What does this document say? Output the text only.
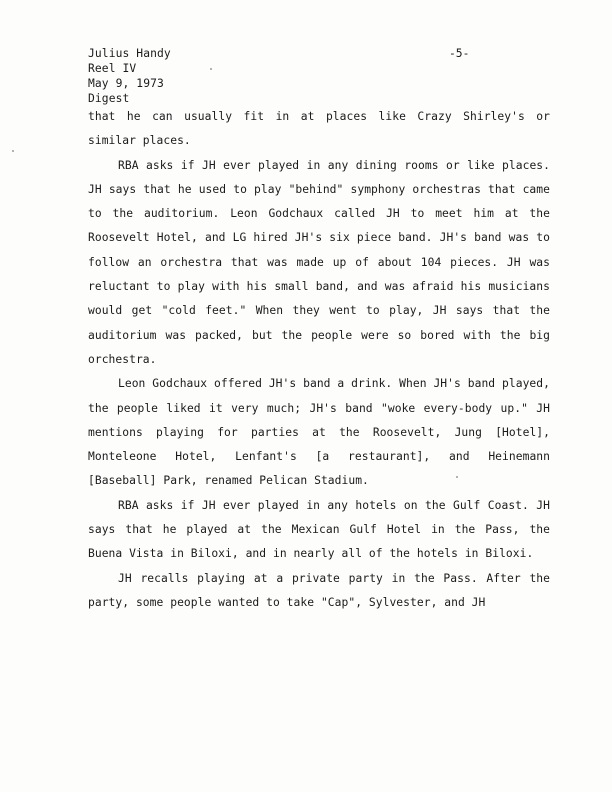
Julius Handy
Reel IV
May 9, 1973
Digest
-5-

that he can usually fit in at places like Crazy Shirley's or similar places.

RBA asks if JH ever played in any dining rooms or like places. JH says that he used to play "behind" symphony orchestras that came to the auditorium. Leon Godchaux called JH to meet him at the Roosevelt Hotel, and LG hired JH's six piece band. JH's band was to follow an orchestra that was made up of about 104 pieces. JH was reluctant to play with his small band, and was afraid his musicians would get "cold feet." When they went to play, JH says that the auditorium was packed, but the people were so bored with the big orchestra.

Leon Godchaux offered JH's band a drink. When JH's band played, the people liked it very much; JH's band "woke every-body up." JH mentions playing for parties at the Roosevelt, Jung [Hotel], Monteleone Hotel, Lenfant's [a restaurant], and Heinemann [Baseball] Park, renamed Pelican Stadium.

RBA asks if JH ever played in any hotels on the Gulf Coast. JH says that he played at the Mexican Gulf Hotel in the Pass, the Buena Vista in Biloxi, and in nearly all of the hotels in Biloxi.

JH recalls playing at a private party in the Pass. After the party, some people wanted to take "Cap", Sylvester, and JH
